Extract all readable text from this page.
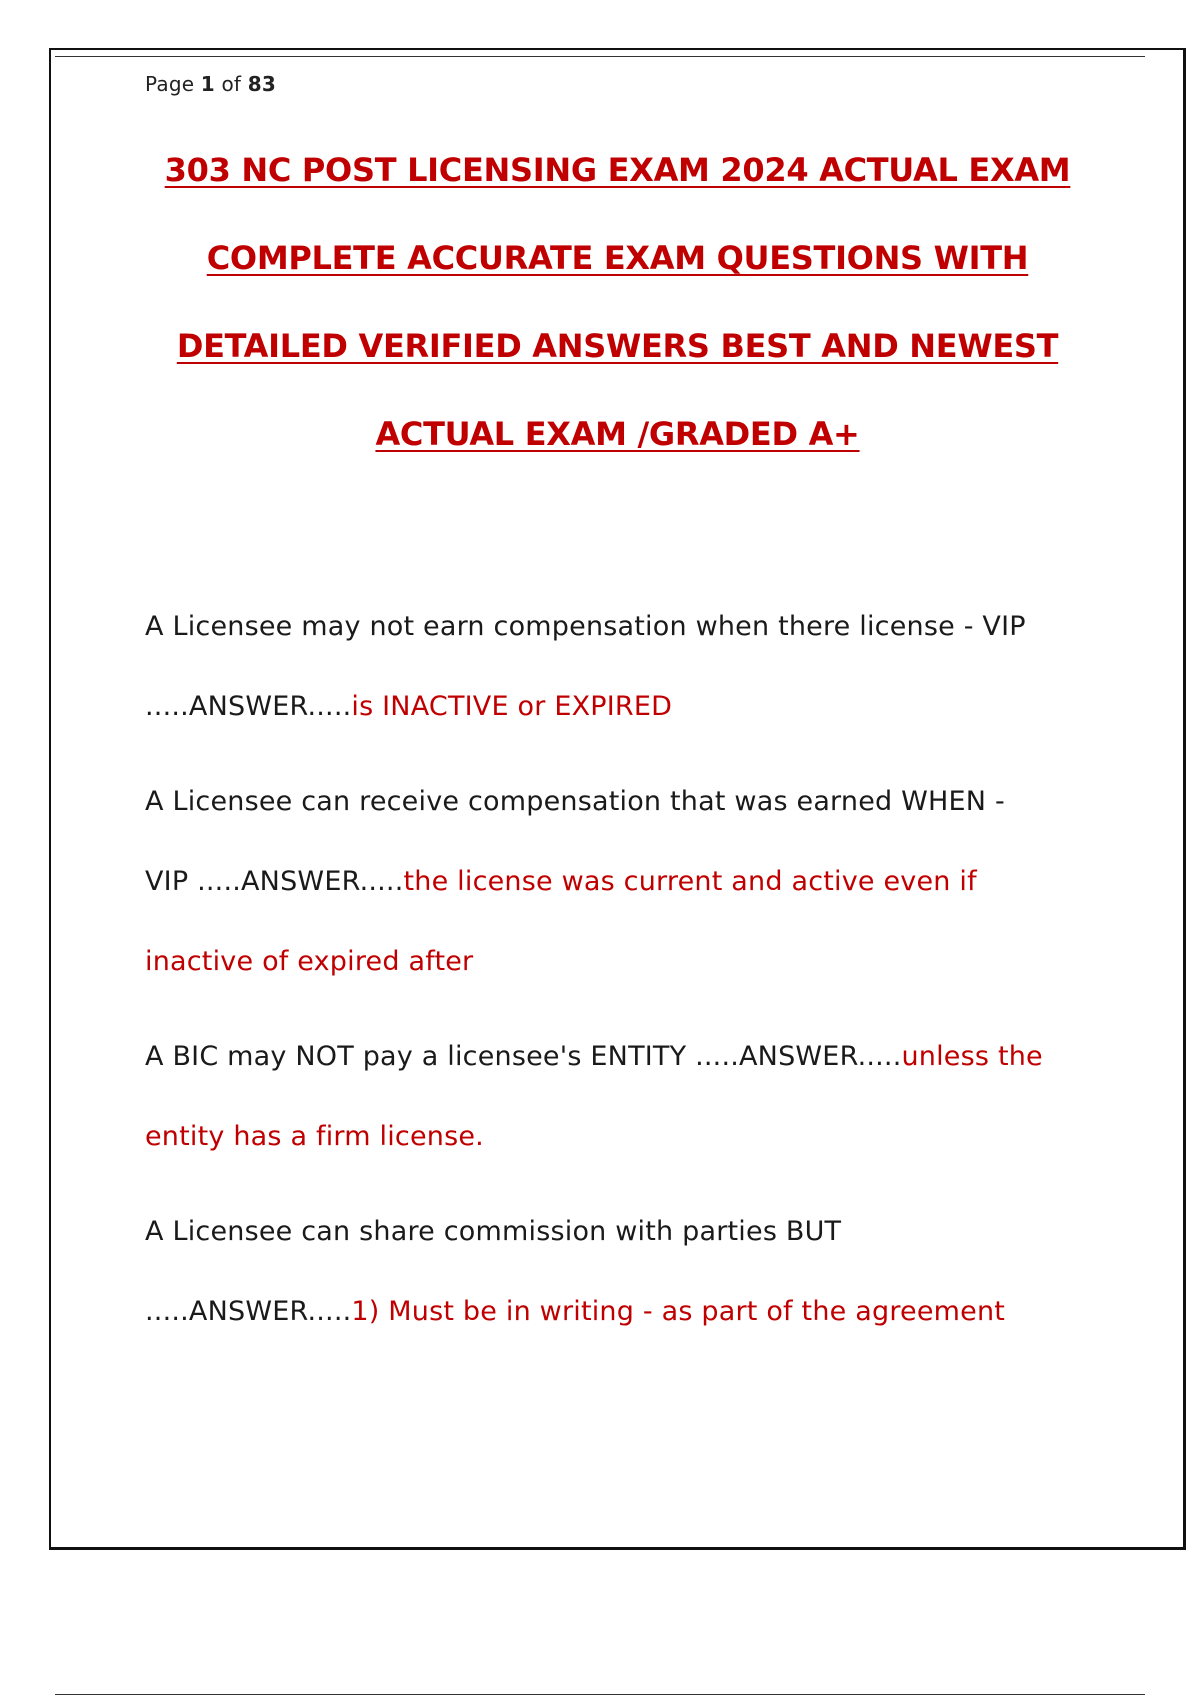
Page 1 of 83
303 NC POST LICENSING EXAM 2024 ACTUAL EXAM
COMPLETE ACCURATE EXAM QUESTIONS WITH
DETAILED VERIFIED ANSWERS BEST AND NEWEST
ACTUAL EXAM /GRADED A+
A Licensee may not earn compensation when there license - VIP
.....ANSWER.....is INACTIVE or EXPIRED
A Licensee can receive compensation that was earned WHEN -
VIP .....ANSWER.....the license was current and active even if
inactive of expired after
A BIC may NOT pay a licensee's ENTITY .....ANSWER.....unless the
entity has a firm license.
A Licensee can share commission with parties BUT
.....ANSWER.....1) Must be in writing - as part of the agreement
